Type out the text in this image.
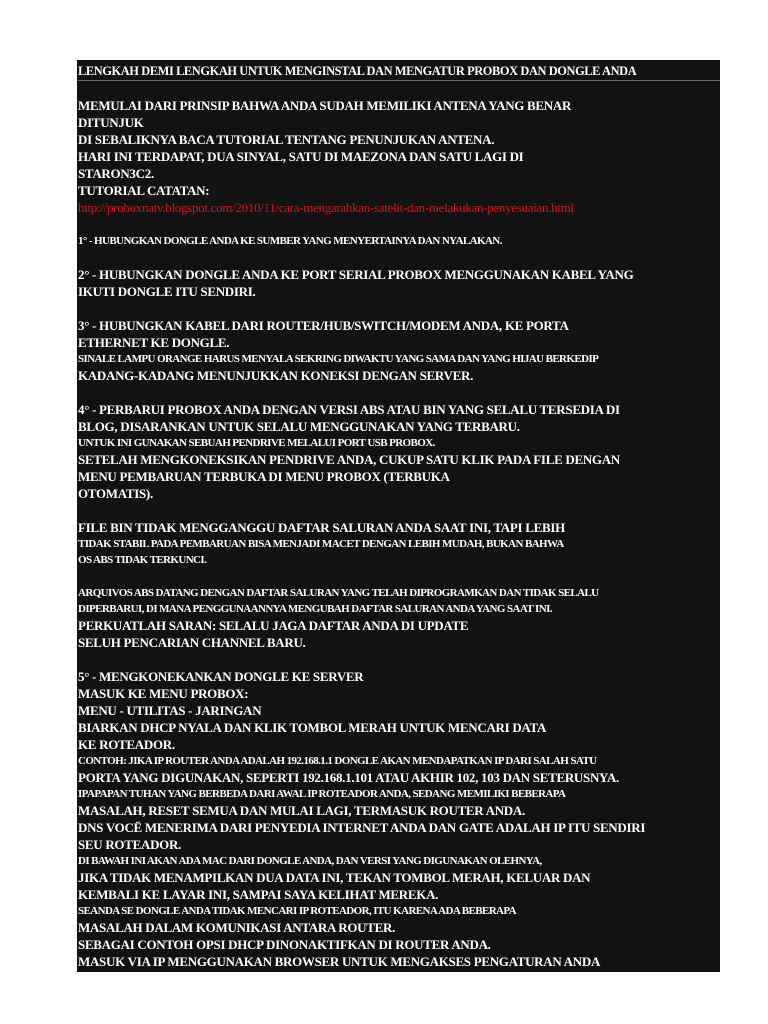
LENGKAH DEMI LENGKAH UNTUK MENGINSTAL DAN MENGATUR PROBOX DAN DONGLE ANDA
MEMULAI DARI PRINSIP BAHWA ANDA SUDAH MEMILIKI ANTENA YANG BENAR
DITUNJUK
DI SEBALIKNYA BACA TUTORIAL TENTANG PENUNJUKAN ANTENA.
HARI INI TERDAPAT, DUA SINYAL, SATU DI MAEZONA DAN SATU LAGI DI
STARON3C2.
TUTORIAL CATATAN:
http://proboxnatv.blogspot.com/2010/11/cara-mengarahkan-satelit-dan-melakukan-penyesuaian.html
1° - HUBUNGKAN DONGLE ANDA KE SUMBER YANG MENYERTAINYA DAN NYALAKAN.
2° - HUBUNGKAN DONGLE ANDA KE PORT SERIAL PROBOX MENGGUNAKAN KABEL YANG
IKUTI DONGLE ITU SENDIRI.
3° - HUBUNGKAN KABEL DARI ROUTER/HUB/SWITCH/MODEM ANDA, KE PORTA
ETHERNET KE DONGLE.
SINALE LAMPU ORANGE HARUS MENYALA SEKRING DIWAKTU YANG SAMA DAN YANG HIJAU BERKEDIP
KADANG-KADANG MENUNJUKKAN KONEKSI DENGAN SERVER.
4° - PERBARUI PROBOX ANDA DENGAN VERSI ABS ATAU BIN YANG SELALU TERSEDIA DI
BLOG, DISARANKAN UNTUK SELALU MENGGUNAKAN YANG TERBARU.
UNTUK INI GUNAKAN SEBUAH PENDRIVE MELALUI PORT USB PROBOX.
SETELAH MENGKONEKSIKAN PENDRIVE ANDA, CUKUP SATU KLIK PADA FILE DENGAN
MENU PEMBARUAN TERBUKA DI MENU PROBOX (TERBUKA
OTOMATIS).
FILE BIN TIDAK MENGGANGGU DAFTAR SALURAN ANDA SAAT INI, TAPI LEBIH
TIDAK STABIL PADA PEMBARUAN BISA MENJADI MACET DENGAN LEBIH MUDAH, BUKAN BAHWA
OS ABS TIDAK TERKUNCI.
ARQUIVOS ABS DATANG DENGAN DAFTAR SALURAN YANG TELAH DIPROGRAMKAN DAN TIDAK SELALU
DIPERBARUI, DI MANA PENGGUNAANNYA MENGUBAH DAFTAR SALURAN ANDA YANG SAAT INI.
PERKUATLAH SARAN: SELALU JAGA DAFTAR ANDA DI UPDATE
SELUH PENCARIAN CHANNEL BARU.
5° - MENGKONEKANKAN DONGLE KE SERVER
MASUK KE MENU PROBOX:
MENU - UTILITAS - JARINGAN
BIARKAN DHCP NYALA DAN KLIK TOMBOL MERAH UNTUK MENCARI DATA
KE ROTEADOR.
CONTOH: JIKA IP ROUTER ANDA ADALAH 192.168.1.1 DONGLE AKAN MENDAPATKAN IP DARI SALAH SATU
PORTA YANG DIGUNAKAN, SEPERTI 192.168.1.101 ATAU AKHIR 102, 103 DAN SETERUSNYA.
IPAPAPAN TUHAN YANG BERBEDA DARI AWAL IP ROTEADOR ANDA, SEDANG MEMILIKI BEBERAPA
MASALAH, RESET SEMUA DAN MULAI LAGI, TERMASUK ROUTER ANDA.
DNS VOCË MENERIMA DARI PENYEDIA INTERNET ANDA DAN GATE ADALAH IP ITU SENDIRI
SEU ROTEADOR.
DI BAWAH INI AKAN ADA MAC DARI DONGLE ANDA, DAN VERSI YANG DIGUNAKAN OLEHNYA,
JIKA TIDAK MENAMPILKAN DUA DATA INI, TEKAN TOMBOL MERAH, KELUAR DAN
KEMBALI KE LAYAR INI, SAMPAI SAYA KELIHAT MEREKA.
SEANDA SE DONGLE ANDA TIDAK MENCARI IP ROTEADOR, ITU KARENA ADA BEBERAPA
MASALAH DALAM KOMUNIKASI ANTARA ROUTER.
SEBAGAI CONTOH OPSI DHCP DINONAKTIFKAN DI ROUTER ANDA.
MASUK VIA IP MENGGUNAKAN BROWSER UNTUK MENGAKSES PENGATURAN ANDA
